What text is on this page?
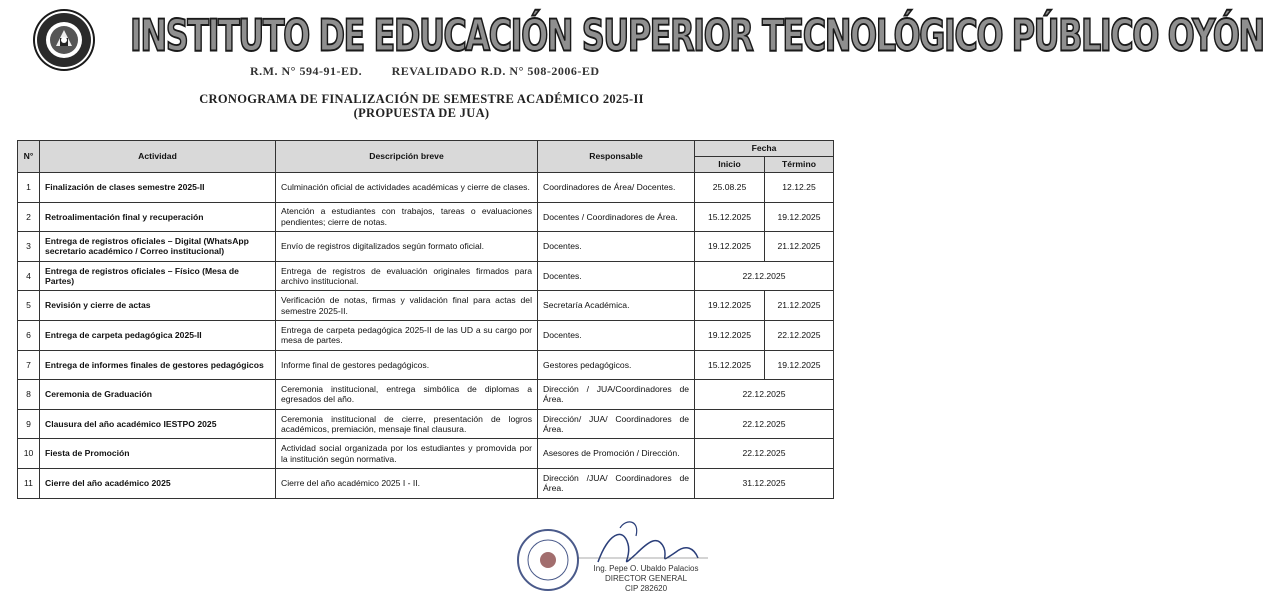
INSTITUTO DE EDUCACIÓN SUPERIOR TECNOLÓGICO PÚBLICO OYÓN
R.M. N° 594-91-ED. REVALIDADO R.D. N° 508-2006-ED
CRONOGRAMA DE FINALIZACIÓN DE SEMESTRE ACADÉMICO 2025-II
(PROPUESTA DE JUA)
N°	Actividad	Descripción breve	Responsable	Fecha	
				Inicio	Término
1	Finalización de clases semestre 2025-II	Culminación oficial de actividades académicas y cierre de clases.	Coordinadores de Área/ Docentes.	25.08.25	12.12.25
2	Retroalimentación final y recuperación	Atención a estudiantes con trabajos, tareas o evaluaciones pendientes; cierre de notas.	Docentes / Coordinadores de Área.	15.12.2025	19.12.2025
3	Entrega de registros oficiales – Digital (WhatsApp secretario académico / Correo institucional)	Envío de registros digitalizados según formato oficial.	Docentes.	19.12.2025	21.12.2025
4	Entrega de registros oficiales – Físico (Mesa de Partes)	Entrega de registros de evaluación originales firmados para archivo institucional.	Docentes.	22.12.2025	
5	Revisión y cierre de actas	Verificación de notas, firmas y validación final para actas del semestre 2025-II.	Secretaría Académica.	19.12.2025	21.12.2025
6	Entrega de carpeta pedagógica 2025-II	Entrega de carpeta pedagógica 2025-II de las UD a su cargo por mesa de partes.	Docentes.	19.12.2025	22.12.2025
7	Entrega de informes finales de gestores pedagógicos	Informe final de gestores pedagógicos.	Gestores pedagógicos.	15.12.2025	19.12.2025
8	Ceremonia de Graduación	Ceremonia institucional, entrega simbólica de diplomas a egresados del año.	Dirección / JUA/Coordinadores de Área.	22.12.2025	
9	Clausura del año académico IESTPO 2025	Ceremonia institucional de cierre, presentación de logros académicos, premiación, mensaje final clausura.	Dirección/ JUA/ Coordinadores de Área.	22.12.2025	
10	Fiesta de Promoción	Actividad social organizada por los estudiantes y promovida por la institución según normativa.	Asesores de Promoción / Dirección.	22.12.2025	
11	Cierre del año académico 2025	Cierre del año académico 2025 I - II.	Dirección /JUA/ Coordinadores de Área.	31.12.2025	
Ing. Pepe O. Ubaldo Palacios
DIRECTOR GENERAL
CIP 282620
